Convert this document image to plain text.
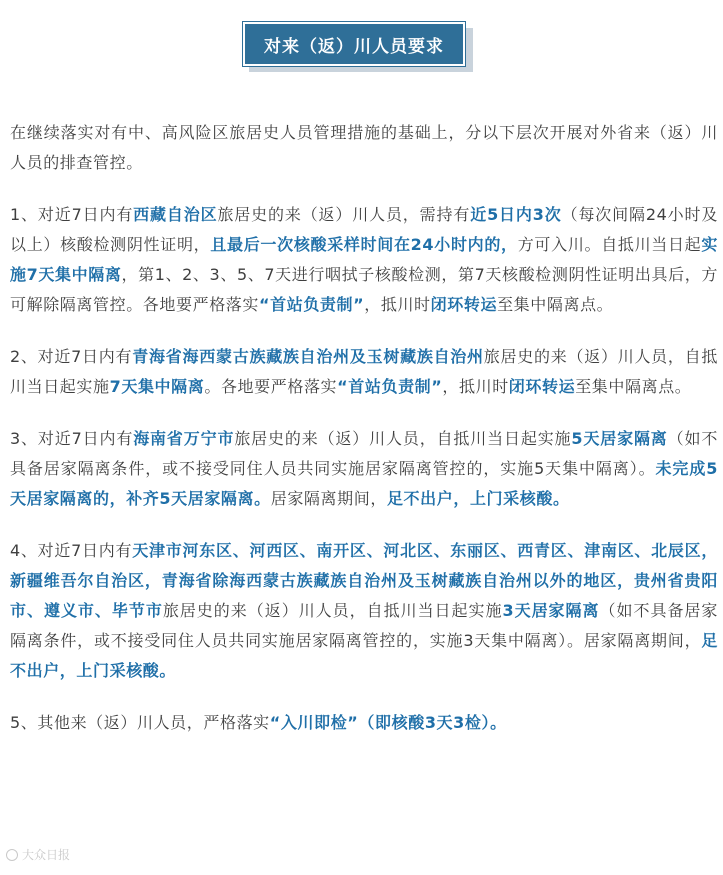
对来（返）川人员要求

在继续落实对有中、高风险区旅居史人员管理措施的基础上，分以下层次开展对外省来（返）川人员的排查管控。

1、对近7日内有西藏自治区旅居史的来（返）川人员，需持有近5日内3次（每次间隔24小时及以上）核酸检测阴性证明，且最后一次核酸采样时间在24小时内的，方可入川。自抵川当日起实施7天集中隔离，第1、2、3、5、7天进行咽拭子核酸检测，第7天核酸检测阴性证明出具后，方可解除隔离管控。各地要严格落实“首站负责制”，抵川时闭环转运至集中隔离点。

2、对近7日内有青海省海西蒙古族藏族自治州及玉树藏族自治州旅居史的来（返）川人员，自抵川当日起实施7天集中隔离。各地要严格落实“首站负责制”，抵川时闭环转运至集中隔离点。

3、对近7日内有海南省万宁市旅居史的来（返）川人员，自抵川当日起实施5天居家隔离（如不具备居家隔离条件，或不接受同住人员共同实施居家隔离管控的，实施5天集中隔离）。未完成5天居家隔离的，补齐5天居家隔离。居家隔离期间，足不出户，上门采核酸。

4、对近7日内有天津市河东区、河西区、南开区、河北区、东丽区、西青区、津南区、北辰区，新疆维吾尔自治区，青海省除海西蒙古族藏族自治州及玉树藏族自治州以外的地区，贵州省贵阳市、遵义市、毕节市旅居史的来（返）川人员，自抵川当日起实施3天居家隔离（如不具备居家隔离条件，或不接受同住人员共同实施居家隔离管控的，实施3天集中隔离）。居家隔离期间，足不出户，上门采核酸。

5、其他来（返）川人员，严格落实“入川即检”（即核酸3天3检）。

大众日报
